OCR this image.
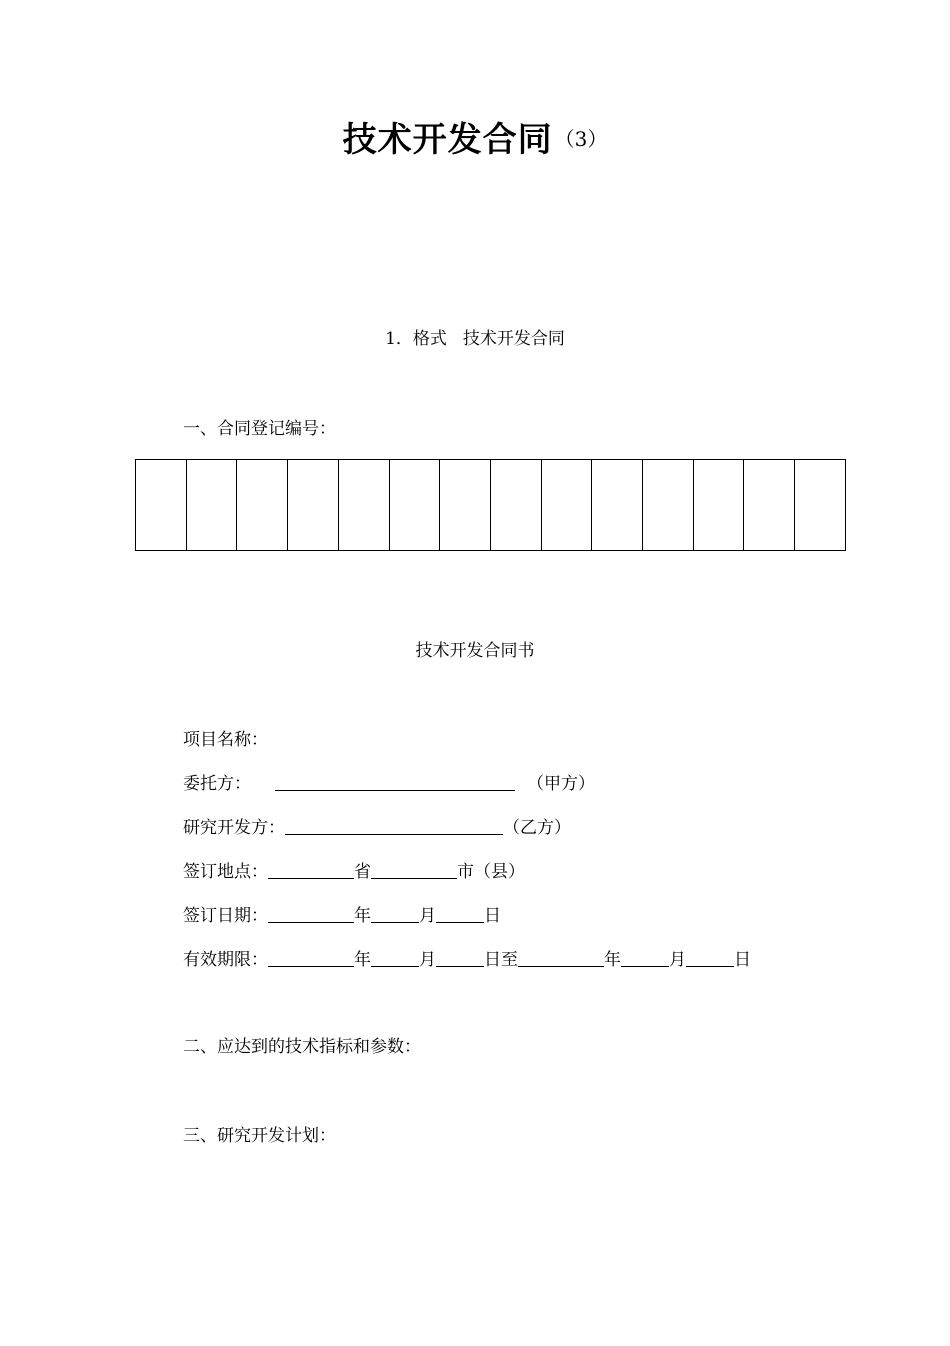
技术开发合同 （3）
1．格式 技术开发合同
一、合同登记编号：

技术开发合同书
项目名称：
委托方：	（甲方）
研究开发方：	（乙方）
签订地点：	省	市（县）
签订日期：	年	月	日
有效期限：	年	月	日至	年	月	日
二、应达到的技术指标和参数：
三、研究开发计划：
